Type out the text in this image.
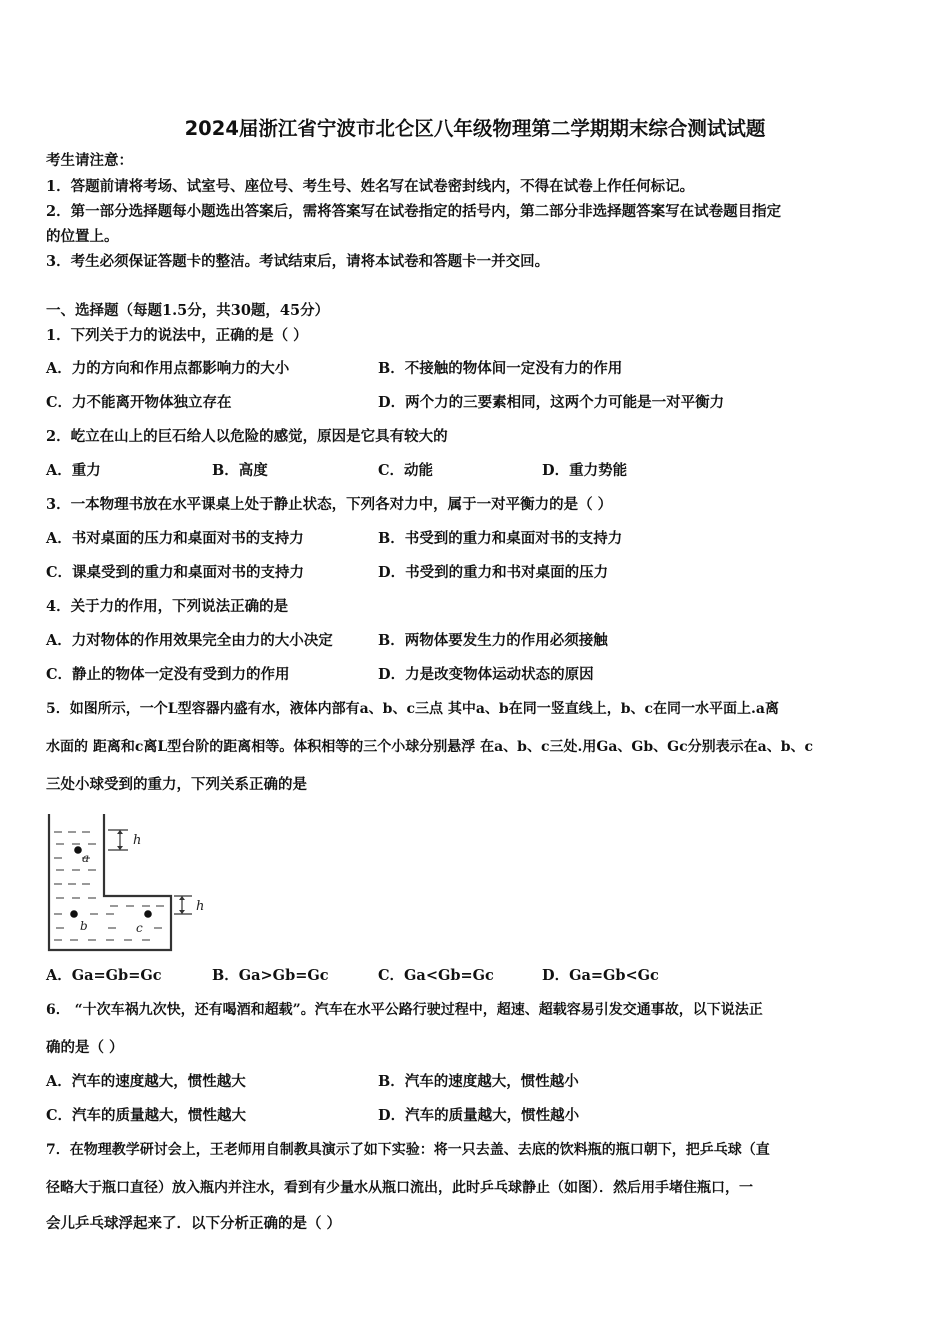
2024届浙江省宁波市北仑区八年级物理第二学期期末综合测试试题
考生请注意：
1．答题前请将考场、试室号、座位号、考生号、姓名写在试卷密封线内，不得在试卷上作任何标记。
2．第一部分选择题每小题选出答案后，需将答案写在试卷指定的括号内，第二部分非选择题答案写在试卷题目指定
的位置上。
3．考生必须保证答题卡的整洁。考试结束后，请将本试卷和答题卡一并交回。
一、选择题（每题1.5分，共30题，45分）
1．下列关于力的说法中，正确的是（ ）
A．力的方向和作用点都影响力的大小	B．不接触的物体间一定没有力的作用
C．力不能离开物体独立存在	D．两个力的三要素相同，这两个力可能是一对平衡力
2．屹立在山上的巨石给人以危险的感觉，原因是它具有较大的
A．重力	B．高度	C．动能	D．重力势能
3．一本物理书放在水平课桌上处于静止状态，下列各对力中，属于一对平衡力的是（ ）
A．书对桌面的压力和桌面对书的支持力	B．书受到的重力和桌面对书的支持力
C．课桌受到的重力和桌面对书的支持力	D．书受到的重力和书对桌面的压力
4．关于力的作用，下列说法正确的是
A．力对物体的作用效果完全由力的大小决定	B．两物体要发生力的作用必须接触
C．静止的物体一定没有受到力的作用	D．力是改变物体运动状态的原因
5．如图所示，一个L型容器内盛有水，液体内部有a、b、c三点 其中a、b在同一竖直线上，b、c在同一水平面上.a离
水面的 距离和c离L型台阶的距离相等。体积相等的三个小球分别悬浮 在a、b、c三处.用Ga、Gb、Gc分别表示在a、b、c
三处小球受到的重力，下列关系正确的是
a
b	c
h
h
A．Ga=Gb=Gc	B．Ga>Gb=Gc	C．Ga<Gb=Gc	D．Ga=Gb<Gc
6． “十次车祸九次快，还有喝酒和超载”。汽车在水平公路行驶过程中，超速、超载容易引发交通事故，以下说法正
确的是（ ）
A．汽车的速度越大，惯性越大	B．汽车的速度越大，惯性越小
C．汽车的质量越大，惯性越大	D．汽车的质量越大，惯性越小
7．在物理教学研讨会上，王老师用自制教具演示了如下实验：将一只去盖、去底的饮料瓶的瓶口朝下，把乒乓球（直
径略大于瓶口直径）放入瓶内并注水，看到有少量水从瓶口流出，此时乒乓球静止（如图）．然后用手堵住瓶口，一
会儿乒乓球浮起来了．以下分析正确的是（ ）
